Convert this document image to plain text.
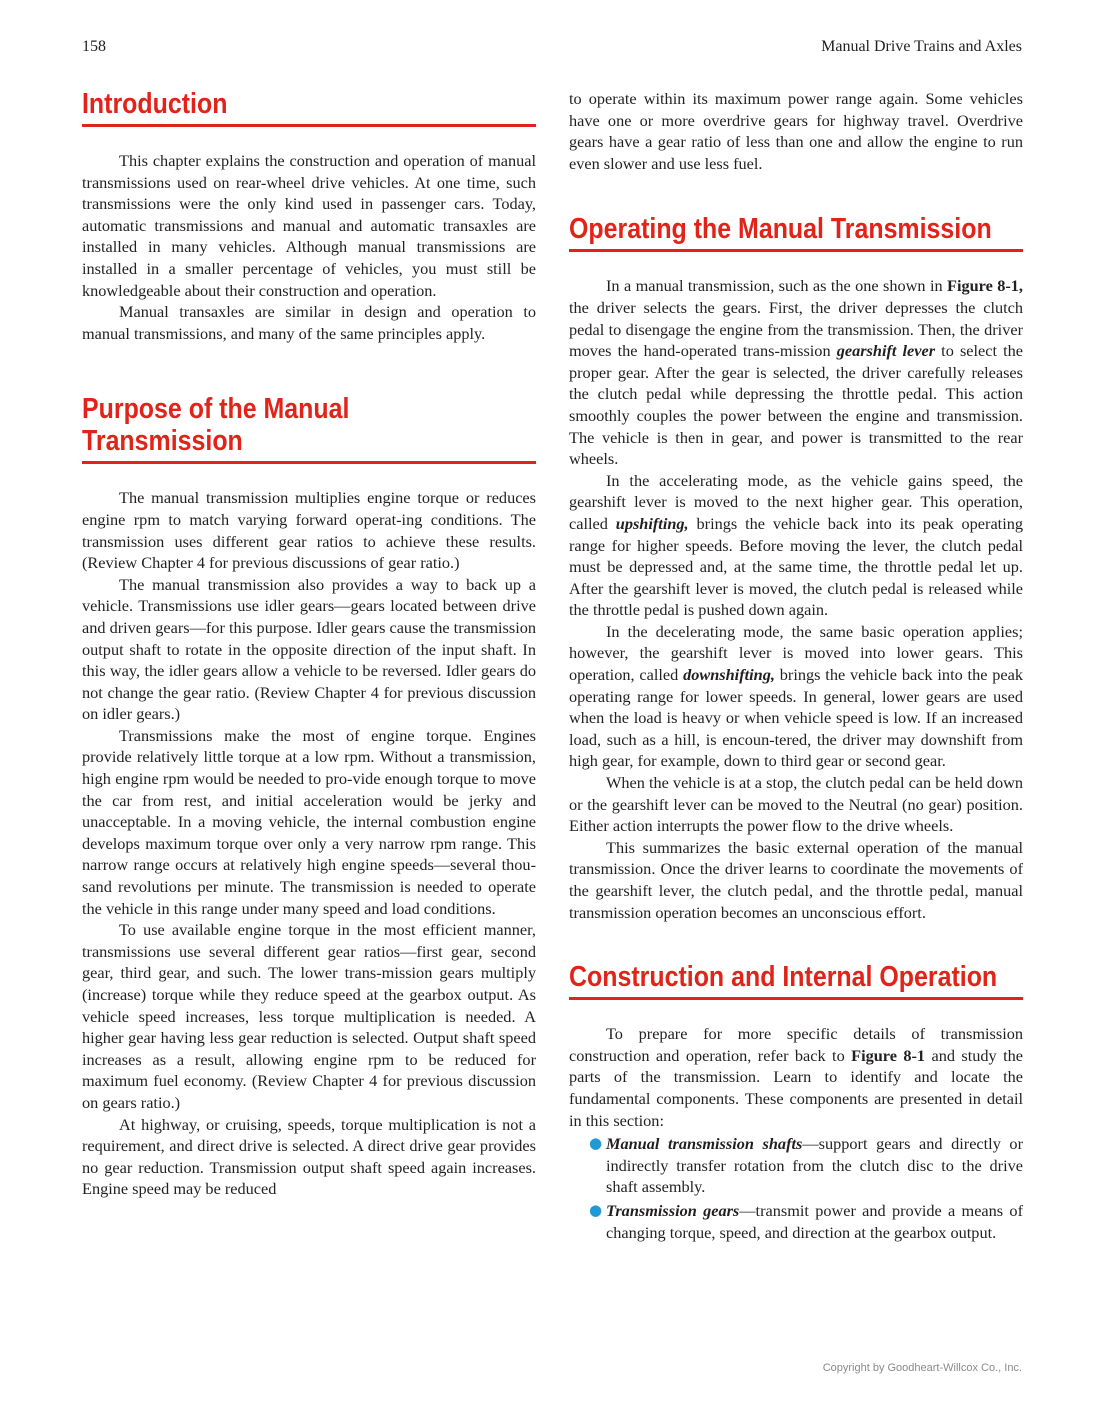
158	Manual Drive Trains and Axles
Introduction

This chapter explains the construction and operation of manual transmissions used on rear-wheel drive vehicles. At one time, such transmissions were the only kind used in passenger cars. Today, automatic transmissions and manual and automatic transaxles are installed in many vehicles. Although manual transmissions are installed in a smaller percentage of vehicles, you must still be knowledgeable about their construction and operation.

Manual transaxles are similar in design and operation to manual transmissions, and many of the same principles apply.

Purpose of the Manual
Transmission

The manual transmission multiplies engine torque or reduces engine rpm to match varying forward operat-ing conditions. The transmission uses different gear ratios to achieve these results. (Review Chapter 4 for previous discussions of gear ratio.)

The manual transmission also provides a way to back up a vehicle. Transmissions use idler gears—gears located between drive and driven gears—for this purpose. Idler gears cause the transmission output shaft to rotate in the opposite direction of the input shaft. In this way, the idler gears allow a vehicle to be reversed. Idler gears do not change the gear ratio. (Review Chapter 4 for previous discussion on idler gears.)

Transmissions make the most of engine torque. Engines provide relatively little torque at a low rpm. Without a transmission, high engine rpm would be needed to pro-vide enough torque to move the car from rest, and initial acceleration would be jerky and unacceptable. In a moving vehicle, the internal combustion engine develops maximum torque over only a very narrow rpm range. This narrow range occurs at relatively high engine speeds—several thou-sand revolutions per minute. The transmission is needed to operate the vehicle in this range under many speed and load conditions.

To use available engine torque in the most efficient manner, transmissions use several different gear ratios—first gear, second gear, third gear, and such. The lower trans-mission gears multiply (increase) torque while they reduce speed at the gearbox output. As vehicle speed increases, less torque multiplication is needed. A higher gear having less gear reduction is selected. Output shaft speed increases as a result, allowing engine rpm to be reduced for maximum fuel economy. (Review Chapter 4 for previous discussion on gears ratio.)

At highway, or cruising, speeds, torque multiplication is not a requirement, and direct drive is selected. A direct drive gear provides no gear reduction. Transmission output shaft speed again increases. Engine speed may be reduced

to operate within its maximum power range again. Some vehicles have one or more overdrive gears for highway travel. Overdrive gears have a gear ratio of less than one and allow the engine to run even slower and use less fuel.

Operating the Manual Transmission

In a manual transmission, such as the one shown in Figure 8-1, the driver selects the gears. First, the driver depresses the clutch pedal to disengage the engine from the transmission. Then, the driver moves the hand-operated trans-mission gearshift lever to select the proper gear. After the gear is selected, the driver carefully releases the clutch pedal while depressing the throttle pedal. This action smoothly couples the power between the engine and transmission. The vehicle is then in gear, and power is transmitted to the rear wheels.

In the accelerating mode, as the vehicle gains speed, the gearshift lever is moved to the next higher gear. This operation, called upshifting, brings the vehicle back into its peak operating range for higher speeds. Before moving the lever, the clutch pedal must be depressed and, at the same time, the throttle pedal let up. After the gearshift lever is moved, the clutch pedal is released while the throttle pedal is pushed down again.

In the decelerating mode, the same basic operation applies; however, the gearshift lever is moved into lower gears. This operation, called downshifting, brings the vehicle back into the peak operating range for lower speeds. In general, lower gears are used when the load is heavy or when vehicle speed is low. If an increased load, such as a hill, is encoun-tered, the driver may downshift from high gear, for example, down to third gear or second gear.

When the vehicle is at a stop, the clutch pedal can be held down or the gearshift lever can be moved to the Neutral (no gear) position. Either action interrupts the power flow to the drive wheels.

This summarizes the basic external operation of the manual transmission. Once the driver learns to coordinate the movements of the gearshift lever, the clutch pedal, and the throttle pedal, manual transmission operation becomes an unconscious effort.

Construction and Internal Operation

To prepare for more specific details of transmission construction and operation, refer back to Figure 8-1 and study the parts of the transmission. Learn to identify and locate the fundamental components. These components are presented in detail in this section:

● Manual transmission shafts—support gears and directly or indirectly transfer rotation from the clutch disc to the drive shaft assembly.
● Transmission gears—transmit power and provide a means of changing torque, speed, and direction at the gearbox output.
Copyright by Goodheart-Willcox Co., Inc.
